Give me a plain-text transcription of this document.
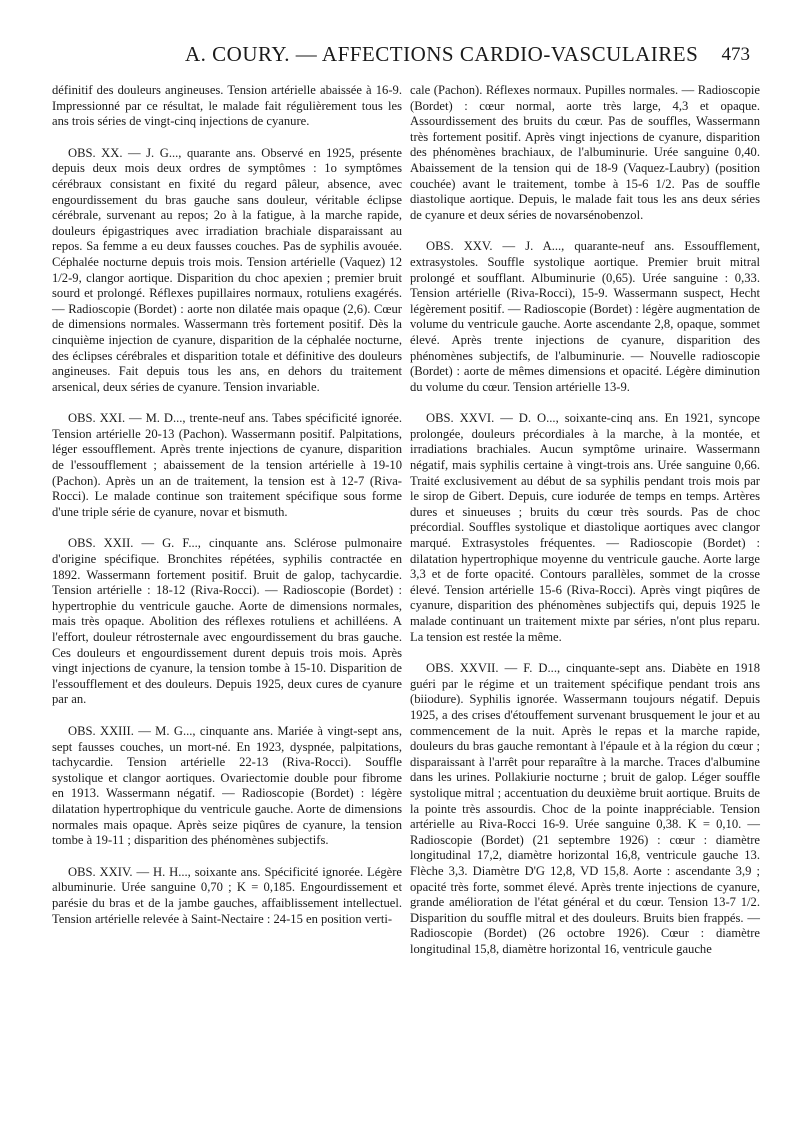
A. COURY. — AFFECTIONS CARDIO-VASCULAIRES 473

définitif des douleurs angineuses. Tension artérielle abaissée à 16-9. Impressionné par ce résultat, le malade fait régulièrement tous les ans trois séries de vingt-cinq injections de cyanure.

OBS. XX. — J. G..., quarante ans. Observé en 1925, présente depuis deux mois deux ordres de symptômes : 1o symptômes cérébraux consistant en fixité du regard pâleur, absence, avec engourdissement du bras gauche sans douleur, véritable éclipse cérébrale, survenant au repos; 2o à la fatigue, à la marche rapide, douleurs épigastriques avec irradiation brachiale disparaissant au repos. Sa femme a eu deux fausses couches. Pas de syphilis avouée. Céphalée nocturne depuis trois mois. Tension artérielle (Vaquez) 12 1/2-9, clangor aortique. Disparition du choc apexien ; premier bruit sourd et prolongé. Réflexes pupillaires normaux, rotuliens exagérés. — Radioscopie (Bordet) : aorte non dilatée mais opaque (2,6). Cœur de dimensions normales. Wassermann très fortement positif. Dès la cinquième injection de cyanure, disparition de la céphalée nocturne, des éclipses cérébrales et disparition totale et définitive des douleurs angineuses. Fait depuis tous les ans, en dehors du traitement arsenical, deux séries de cyanure. Tension invariable.

OBS. XXI. — M. D..., trente-neuf ans. Tabes spécificité ignorée. Tension artérielle 20-13 (Pachon). Wassermann positif. Palpitations, léger essoufflement. Après trente injections de cyanure, disparition de l'essoufflement ; abaissement de la tension artérielle à 19-10 (Pachon). Après un an de traitement, la tension est à 12-7 (Riva-Rocci). Le malade continue son traitement spécifique sous forme d'une triple série de cyanure, novar et bismuth.

OBS. XXII. — G. F..., cinquante ans. Sclérose pulmonaire d'origine spécifique. Bronchites répétées, syphilis contractée en 1892. Wassermann fortement positif. Bruit de galop, tachycardie. Tension artérielle : 18-12 (Riva-Rocci). — Radioscopie (Bordet) : hypertrophie du ventricule gauche. Aorte de dimensions normales, mais très opaque. Abolition des réflexes rotuliens et achilléens. A l'effort, douleur rétrosternale avec engourdissement du bras gauche. Ces douleurs et engourdissement durent depuis trois mois. Après vingt injections de cyanure, la tension tombe à 15-10. Disparition de l'essoufflement et des douleurs. Depuis 1925, deux cures de cyanure par an.

OBS. XXIII. — M. G..., cinquante ans. Mariée à vingt-sept ans, sept fausses couches, un mort-né. En 1923, dyspnée, palpitations, tachycardie. Tension artérielle 22-13 (Riva-Rocci). Souffle systolique et clangor aortiques. Ovariectomie double pour fibrome en 1913. Wassermann négatif. — Radioscopie (Bordet) : légère dilatation hypertrophique du ventricule gauche. Aorte de dimensions normales mais opaque. Après seize piqûres de cyanure, la tension tombe à 19-11 ; disparition des phénomènes subjectifs.

OBS. XXIV. — H. H..., soixante ans. Spécificité ignorée. Légère albuminurie. Urée sanguine 0,70 ; K = 0,185. Engourdissement et parésie du bras et de la jambe gauches, affaiblissement intellectuel. Tension artérielle relevée à Saint-Nectaire : 24-15 en position verti-

cale (Pachon). Réflexes normaux. Pupilles normales. — Radioscopie (Bordet) : cœur normal, aorte très large, 4,3 et opaque. Assourdissement des bruits du cœur. Pas de souffles, Wassermann très fortement positif. Après vingt injections de cyanure, disparition des phénomènes brachiaux, de l'albuminurie. Urée sanguine 0,40. Abaissement de la tension qui de 18-9 (Vaquez-Laubry) (position couchée) avant le traitement, tombe à 15-6 1/2. Pas de souffle diastolique aortique. Depuis, le malade fait tous les ans deux séries de cyanure et deux séries de novarsénobenzol.

OBS. XXV. — J. A..., quarante-neuf ans. Essoufflement, extrasystoles. Souffle systolique aortique. Premier bruit mitral prolongé et soufflant. Albuminurie (0,65). Urée sanguine : 0,33. Tension artérielle (Riva-Rocci), 15-9. Wassermann suspect, Hecht légèrement positif. — Radioscopie (Bordet) : légère augmentation de volume du ventricule gauche. Aorte ascendante 2,8, opaque, sommet élevé. Après trente injections de cyanure, disparition des phénomènes subjectifs, de l'albuminurie. — Nouvelle radioscopie (Bordet) : aorte de mêmes dimensions et opacité. Légère diminution du volume du cœur. Tension artérielle 13-9.

OBS. XXVI. — D. O..., soixante-cinq ans. En 1921, syncope prolongée, douleurs précordiales à la marche, à la montée, et irradiations brachiales. Aucun symptôme urinaire. Wassermann négatif, mais syphilis certaine à vingt-trois ans. Urée sanguine 0,66. Traité exclusivement au début de sa syphilis pendant trois mois par le sirop de Gibert. Depuis, cure iodurée de temps en temps. Artères dures et sinueuses ; bruits du cœur très sourds. Pas de choc précordial. Souffles systolique et diastolique aortiques avec clangor marqué. Extrasystoles fréquentes. — Radioscopie (Bordet) : dilatation hypertrophique moyenne du ventricule gauche. Aorte large 3,3 et de forte opacité. Contours parallèles, sommet de la crosse élevé. Tension artérielle 15-6 (Riva-Rocci). Après vingt piqûres de cyanure, disparition des phénomènes subjectifs qui, depuis 1925 le malade continuant un traitement mixte par séries, n'ont plus reparu. La tension est restée la même.

OBS. XXVII. — F. D..., cinquante-sept ans. Diabète en 1918 guéri par le régime et un traitement spécifique pendant trois ans (biiodure). Syphilis ignorée. Wassermann toujours négatif. Depuis 1925, a des crises d'étouffement survenant brusquement le jour et au commencement de la nuit. Après le repas et la marche rapide, douleurs du bras gauche remontant à l'épaule et à la région du cœur ; disparaissant à l'arrêt pour reparaître à la marche. Traces d'albumine dans les urines. Pollakiurie nocturne ; bruit de galop. Léger souffle systolique mitral ; accentuation du deuxième bruit aortique. Bruits de la pointe très assourdis. Choc de la pointe inappréciable. Tension artérielle au Riva-Rocci 16-9. Urée sanguine 0,38. K = 0,10. — Radioscopie (Bordet) (21 septembre 1926) : cœur : diamètre longitudinal 17,2, diamètre horizontal 16,8, ventricule gauche 13. Flèche 3,3. Diamètre D'G 12,8, VD 15,8. Aorte : ascendante 3,9 ; opacité très forte, sommet élevé. Après trente injections de cyanure, grande amélioration de l'état général et du cœur. Tension 13-7 1/2. Disparition du souffle mitral et des douleurs. Bruits bien frappés. — Radioscopie (Bordet) (26 octobre 1926). Cœur : diamètre longitudinal 15,8, diamètre horizontal 16, ventricule gauche
